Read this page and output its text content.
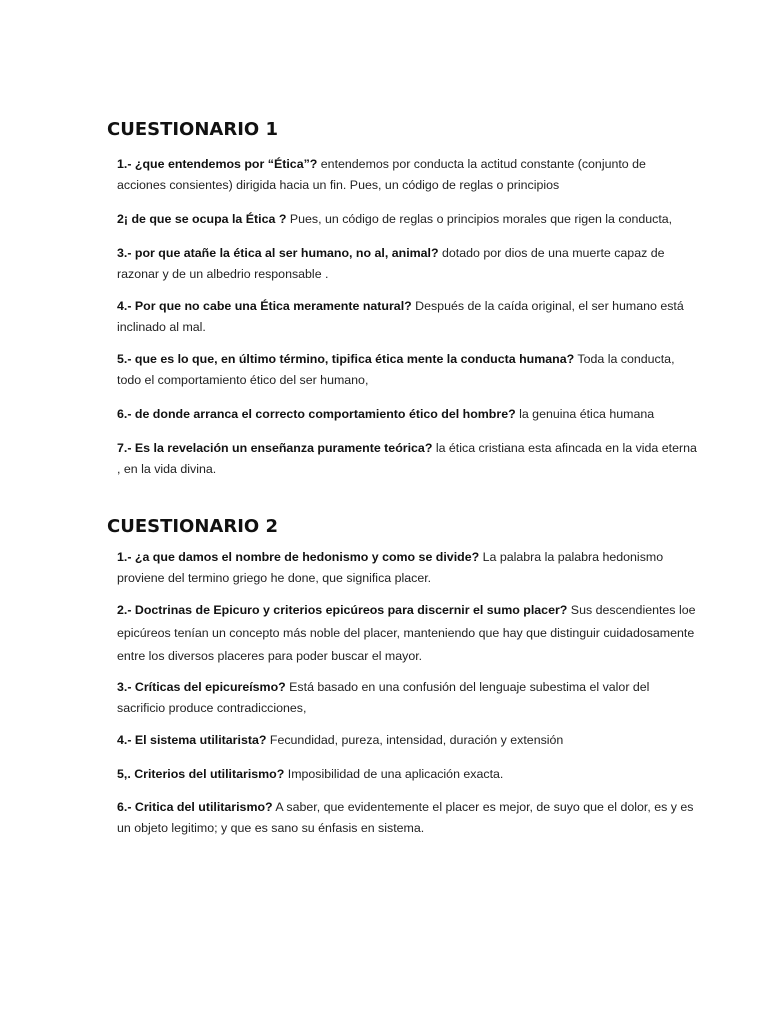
CUESTIONARIO 1

1.- ¿que entendemos por “Ética”? entendemos por conducta la actitud constante (conjunto de acciones consientes) dirigida hacia un fin. Pues, un código de reglas o principios

2¡ de que se ocupa la Ética ? Pues, un código de reglas o principios morales que rigen la conducta,

3.- por que atañe la ética al ser humano, no al, animal? dotado por dios de una muerte capaz de razonar y de un albedrio responsable .

4.- Por que no cabe una Ética meramente natural? Después de la caída original, el ser humano está inclinado al mal.

5.- que es lo que, en último término, tipifica ética mente la conducta humana? Toda la conducta, todo el comportamiento ético del ser humano,

6.- de donde arranca el correcto comportamiento ético del hombre? la genuina ética humana

7.- Es la revelación un enseñanza puramente teórica? la ética cristiana esta afincada en la vida eterna , en la vida divina.

CUESTIONARIO 2

1.- ¿a que damos el nombre de hedonismo y como se divide? La palabra la palabra hedonismo proviene del termino griego he done, que significa placer.

2.- Doctrinas de Epicuro y criterios epicúreos para discernir el sumo placer? Sus descendientes loe epicúreos tenían un concepto más noble del placer, manteniendo que hay que distinguir cuidadosamente entre los diversos placeres para poder buscar el mayor.

3.- Críticas del epicureísmo? Está basado en una confusión del lenguaje subestima el valor del sacrificio produce contradicciones,

4.- El sistema utilitarista? Fecundidad, pureza, intensidad, duración y extensión

5,. Criterios del utilitarismo? Imposibilidad de una aplicación exacta.

6.- Critica del utilitarismo? A saber, que evidentemente el placer es mejor, de suyo que el dolor, es y es un objeto legitimo; y que es sano su énfasis en sistema.
